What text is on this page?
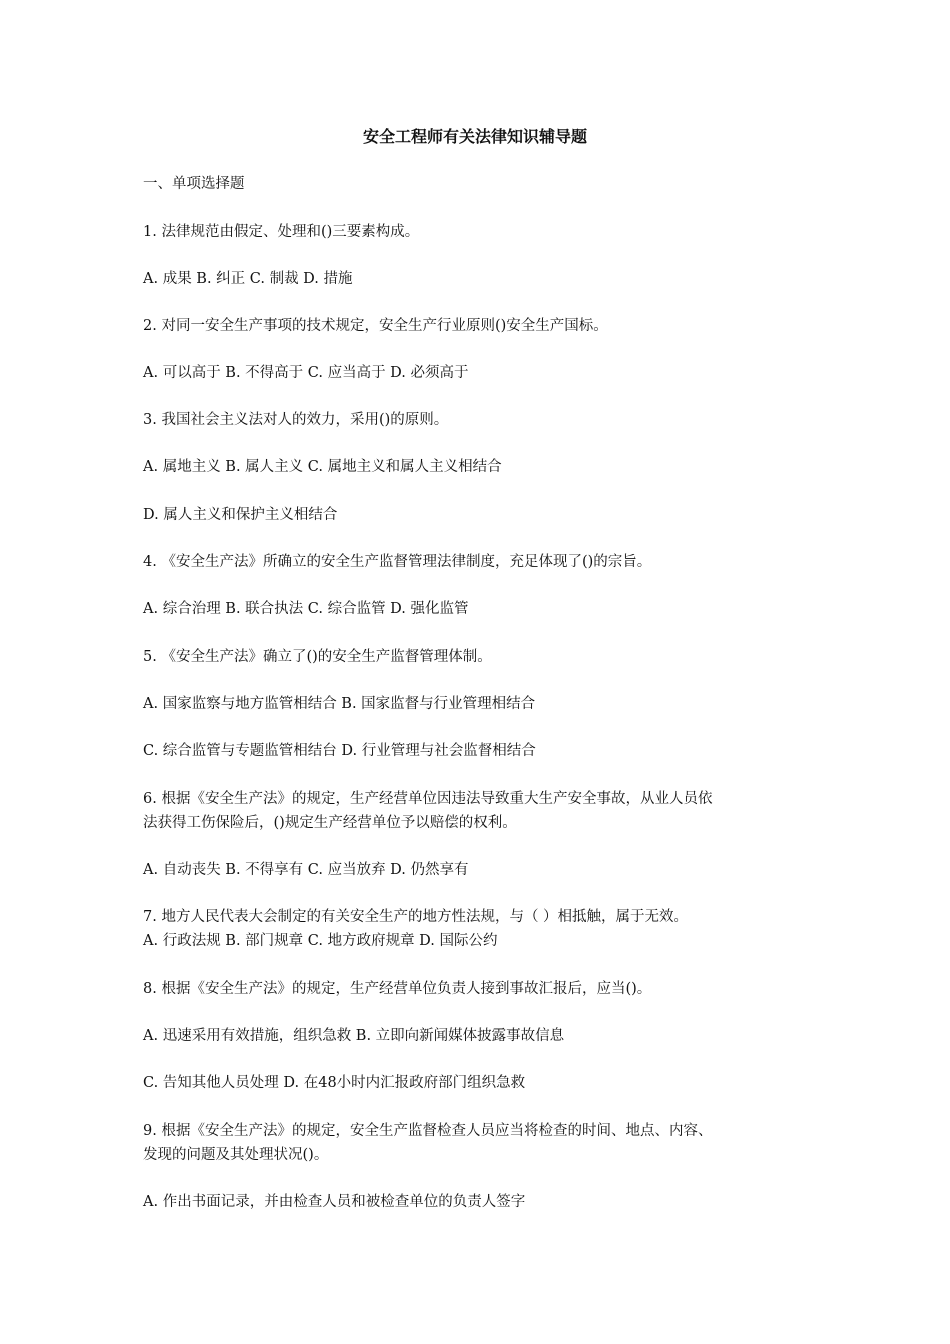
安全工程师有关法律知识辅导题
一、单项选择题
1. 法律规范由假定、处理和()三要素构成。
A. 成果 B. 纠正 C. 制裁 D. 措施
2. 对同一安全生产事项的技术规定，安全生产行业原则()安全生产国标。
A. 可以高于 B. 不得高于 C. 应当高于 D. 必须高于
3. 我国社会主义法对人的效力，采用()的原则。
A. 属地主义 B. 属人主义 C. 属地主义和属人主义相结合
D. 属人主义和保护主义相结合
4. 《安全生产法》所确立的安全生产监督管理法律制度，充足体现了()的宗旨。
A. 综合治理 B. 联合执法 C. 综合监管 D. 强化监管
5. 《安全生产法》确立了()的安全生产监督管理体制。
A. 国家监察与地方监管相结合 B. 国家监督与行业管理相结合
C. 综合监管与专题监管相结台 D. 行业管理与社会监督相结合
6. 根据《安全生产法》的规定，生产经营单位因违法导致重大生产安全事故，从业人员依
法获得工伤保险后，()规定生产经营单位予以赔偿的权利。
A. 自动丧失 B. 不得享有 C. 应当放弃 D. 仍然享有
7. 地方人民代表大会制定的有关安全生产的地方性法规，与（ ）相抵触，属于无效。
A. 行政法规 B. 部门规章 C. 地方政府规章 D. 国际公约
8. 根据《安全生产法》的规定，生产经营单位负责人接到事故汇报后，应当()。
A. 迅速采用有效措施，组织急救 B. 立即向新闻媒体披露事故信息
C. 告知其他人员处理 D. 在48小时内汇报政府部门组织急救
9. 根据《安全生产法》的规定，安全生产监督检查人员应当将检查的时间、地点、内容、
发现的问题及其处理状况()。
A. 作出书面记录，并由检查人员和被检查单位的负责人签字
